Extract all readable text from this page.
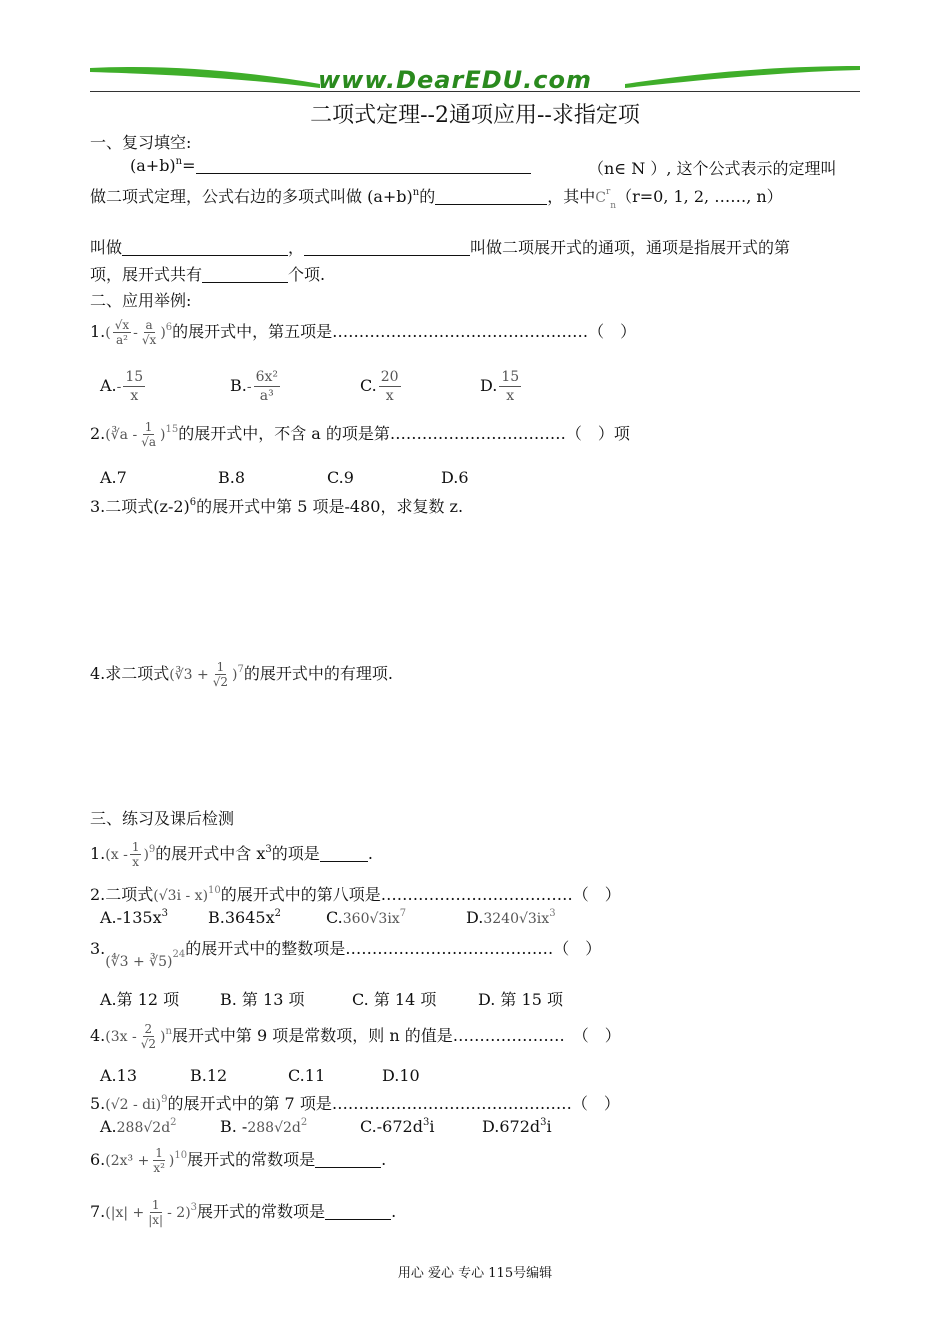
www.DearEDU.com
二项式定理--2通项应用--求指定项
一、复习填空:
$(a+b)^n=$	（n∈ N ）, 这个公式表示的定理叫
做二项式定理，公式右边的多项式叫做 $(a+b)^n$的	，其中$C^r_n(r=0$, 1, 2, ……, n）
叫做	，	叫做二项展开式的通项，通项是指展开式的第
项，展开式共有	个项.
二、应用举例:
$1.( \frac{√x}{\text{a²}} - \frac{a}{√x} )^6$的展开式中，第五项是…………………………………………（　）
$A.- \frac{15}{x}$	$B.- \frac{\text{6x²}}{\text{a³}}$	C. $\frac{20}{x}$	D. $\frac{15}{x}$
2.(∛a - $\frac{1}{√a} )^{15}$的展开式中，不含 a 的项是第……………………………（　）项
A.7	B.8	C.9	D.6
3.二项式$(z-2)^6$的展开式中第 5 项是-480，求复数 z.
4.求二项式(∛3 + $\frac{1}{√2} )^7$的展开式中的有理项.
三、练习及课后检测
$1.(x - \frac{1}{x} )^9$的展开式中含 $x^3$的项是	.
2.二项式(√3i - x)$^{10}$的展开式中的第八项是………………………………（　）
$A.-135x^3$	$B.3645x^2$	$C.360√3ix^7$	$D.3240√3ix^3$
3.(∜3 + ∛5)$^{24}$的展开式中的整数项是…………………………………（　）
A.第 12 项	B. 第 13 项	C. 第 14 项	D. 第 15 项
$4.(3x - \frac{2}{√2} )^n$展开式中第 9 项是常数项，则 n 的值是…………………　（　）
A.13	B.12	C.11	D.10
5.(√2 - di)$^9$的展开式中的第 7 项是………………………………………（　）
$A.288√2d^2$	B. $-288√2d^2$	$C.-672d^3i$	$D.672d^3i$
$6.(2x^3 + \frac{1}{\text{x²}} )^{10}$展开式的常数项是	.
$7.(|x| + \frac{1}{|x|} - 2)^3$展开式的常数项是	.
用心 爱心 专心 115号编辑
